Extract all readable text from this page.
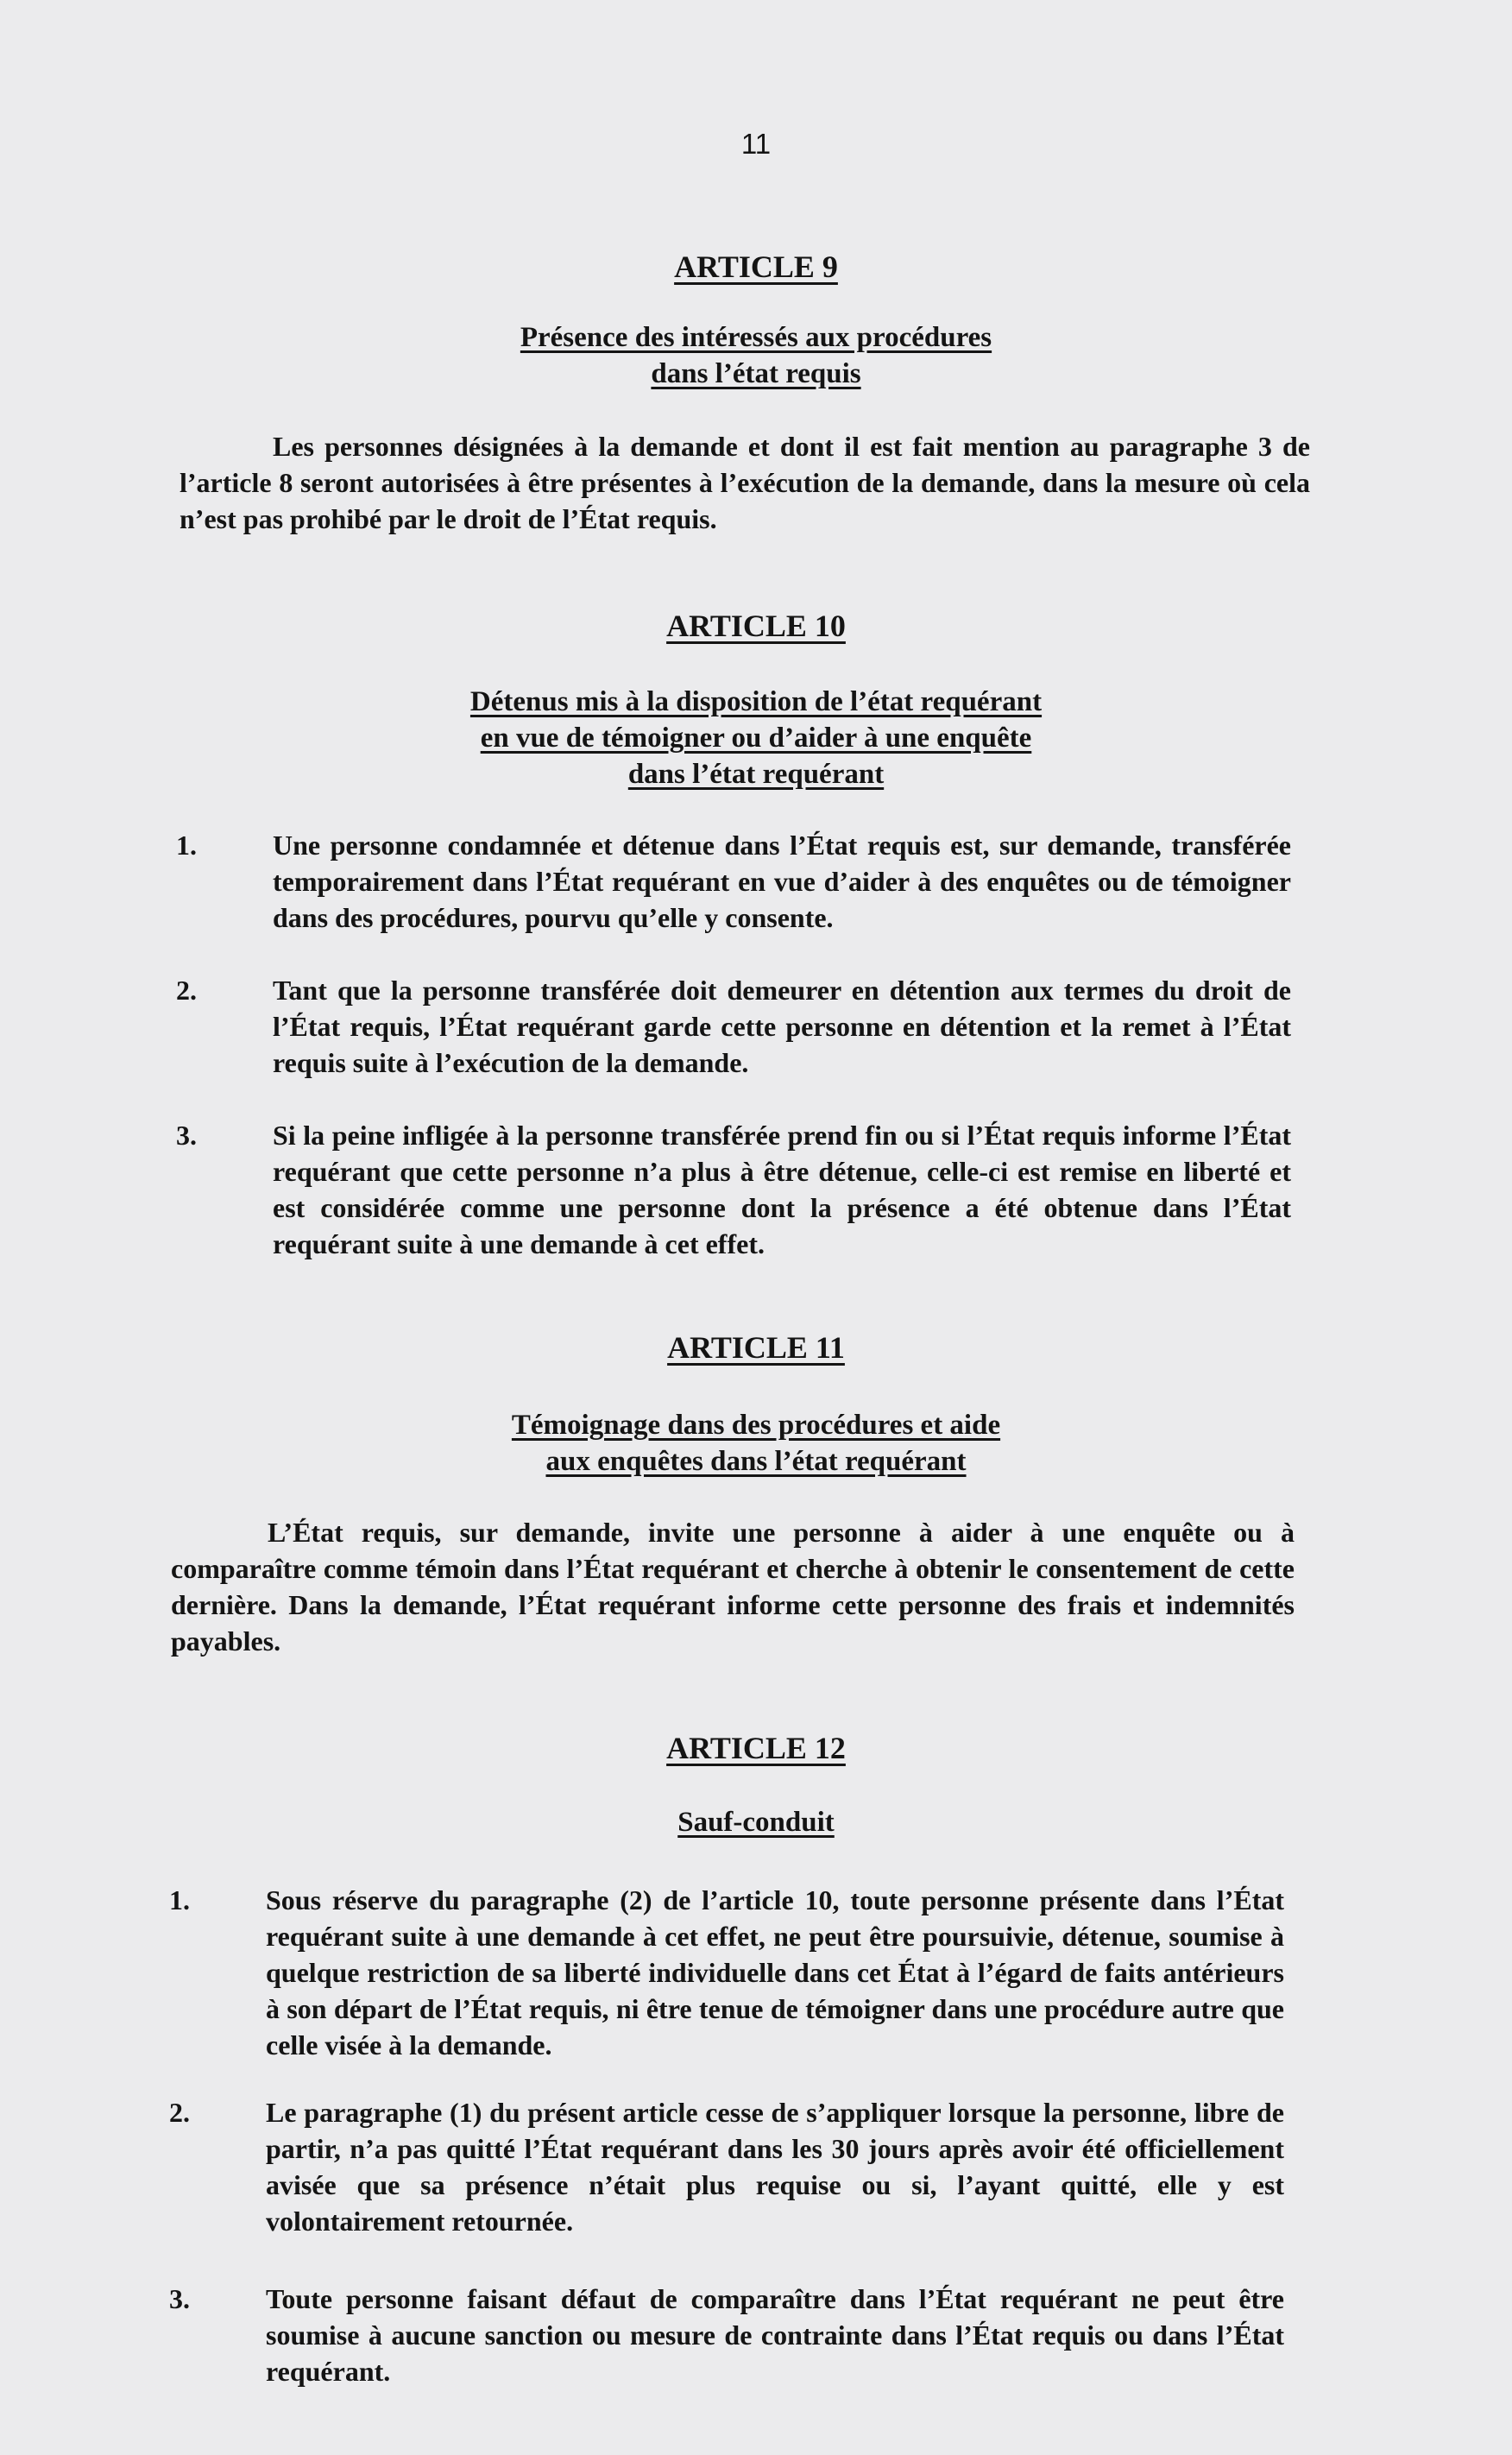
11
ARTICLE 9
Présence des intéressés aux procédures
dans l’état requis
Les personnes désignées à la demande et dont il est fait mention au paragraphe 3 de l’article 8 seront autorisées à être présentes à l’exécution de la demande, dans la mesure où cela n’est pas prohibé par le droit de l’État requis.
ARTICLE 10
Détenus mis à la disposition de l’état requérant
en vue de témoigner ou d’aider à une enquête
dans l’état requérant
1.	Une personne condamnée et détenue dans l’État requis est, sur demande, transférée temporairement dans l’État requérant en vue d’aider à des enquêtes ou de témoigner dans des procédures, pourvu qu’elle y consente.
2.	Tant que la personne transférée doit demeurer en détention aux termes du droit de l’État requis, l’État requérant garde cette personne en détention et la remet à l’État requis suite à l’exécution de la demande.
3.	Si la peine infligée à la personne transférée prend fin ou si l’État requis informe l’État requérant que cette personne n’a plus à être détenue, celle-ci est remise en liberté et est considérée comme une personne dont la présence a été obtenue dans l’État requérant suite à une demande à cet effet.
ARTICLE 11
Témoignage dans des procédures et aide
aux enquêtes dans l’état requérant
L’État requis, sur demande, invite une personne à aider à une enquête ou à comparaître comme témoin dans l’État requérant et cherche à obtenir le consentement de cette dernière. Dans la demande, l’État requérant informe cette personne des frais et indemnités payables.
ARTICLE 12
Sauf-conduit
1.	Sous réserve du paragraphe (2) de l’article 10, toute personne présente dans l’État requérant suite à une demande à cet effet, ne peut être poursuivie, détenue, soumise à quelque restriction de sa liberté individuelle dans cet État à l’égard de faits antérieurs à son départ de l’État requis, ni être tenue de témoigner dans une procédure autre que celle visée à la demande.
2.	Le paragraphe (1) du présent article cesse de s’appliquer lorsque la personne, libre de partir, n’a pas quitté l’État requérant dans les 30 jours après avoir été officiellement avisée que sa présence n’était plus requise ou si, l’ayant quitté, elle y est volontairement retournée.
3.	Toute personne faisant défaut de comparaître dans l’État requérant ne peut être soumise à aucune sanction ou mesure de contrainte dans l’État requis ou dans l’État requérant.
